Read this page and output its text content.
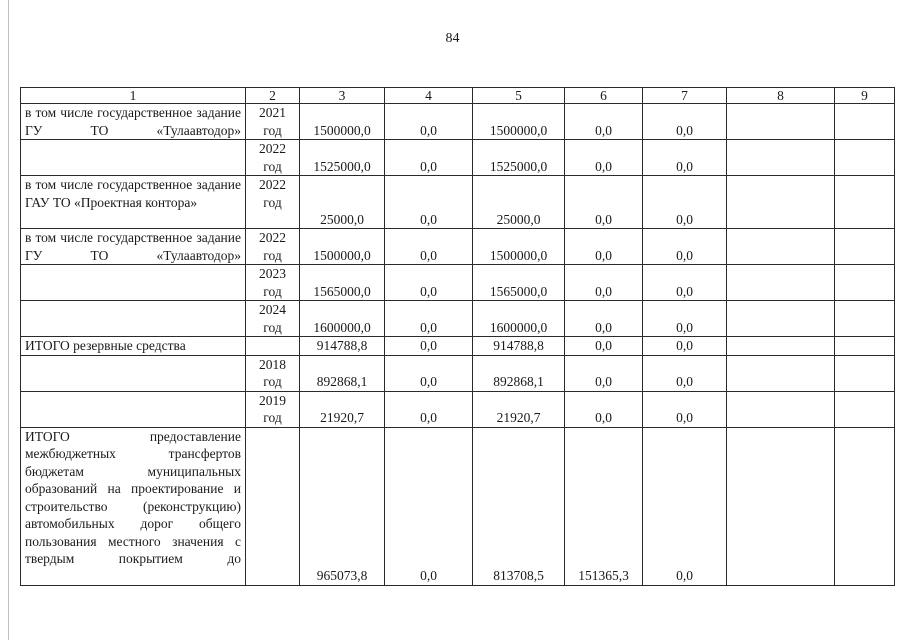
84
1	2	3	4	5	6	7	8	9
в том числе государственное задание ГУ ТО «Тулаавтодор»	2021 год	1500000,0	0,0	1500000,0	0,0	0,0		
	2022 год	1525000,0	0,0	1525000,0	0,0	0,0		
в том числе государственное задание ГАУ ТО «Проектная контора»	2022 год	25000,0	0,0	25000,0	0,0	0,0		
в том числе государственное задание ГУ ТО «Тулаавтодор»	2022 год	1500000,0	0,0	1500000,0	0,0	0,0		
	2023 год	1565000,0	0,0	1565000,0	0,0	0,0		
	2024 год	1600000,0	0,0	1600000,0	0,0	0,0		
ИТОГО резервные средства		914788,8	0,0	914788,8	0,0	0,0		
	2018 год	892868,1	0,0	892868,1	0,0	0,0		
	2019 год	21920,7	0,0	21920,7	0,0	0,0		
ИТОГО предоставление межбюджетных трансфертов бюджетам муниципальных образований на проектирование и строительство (реконструкцию) автомобильных дорог общего пользования местного значения с твердым покрытием до		965073,8	0,0	813708,5	151365,3	0,0		
